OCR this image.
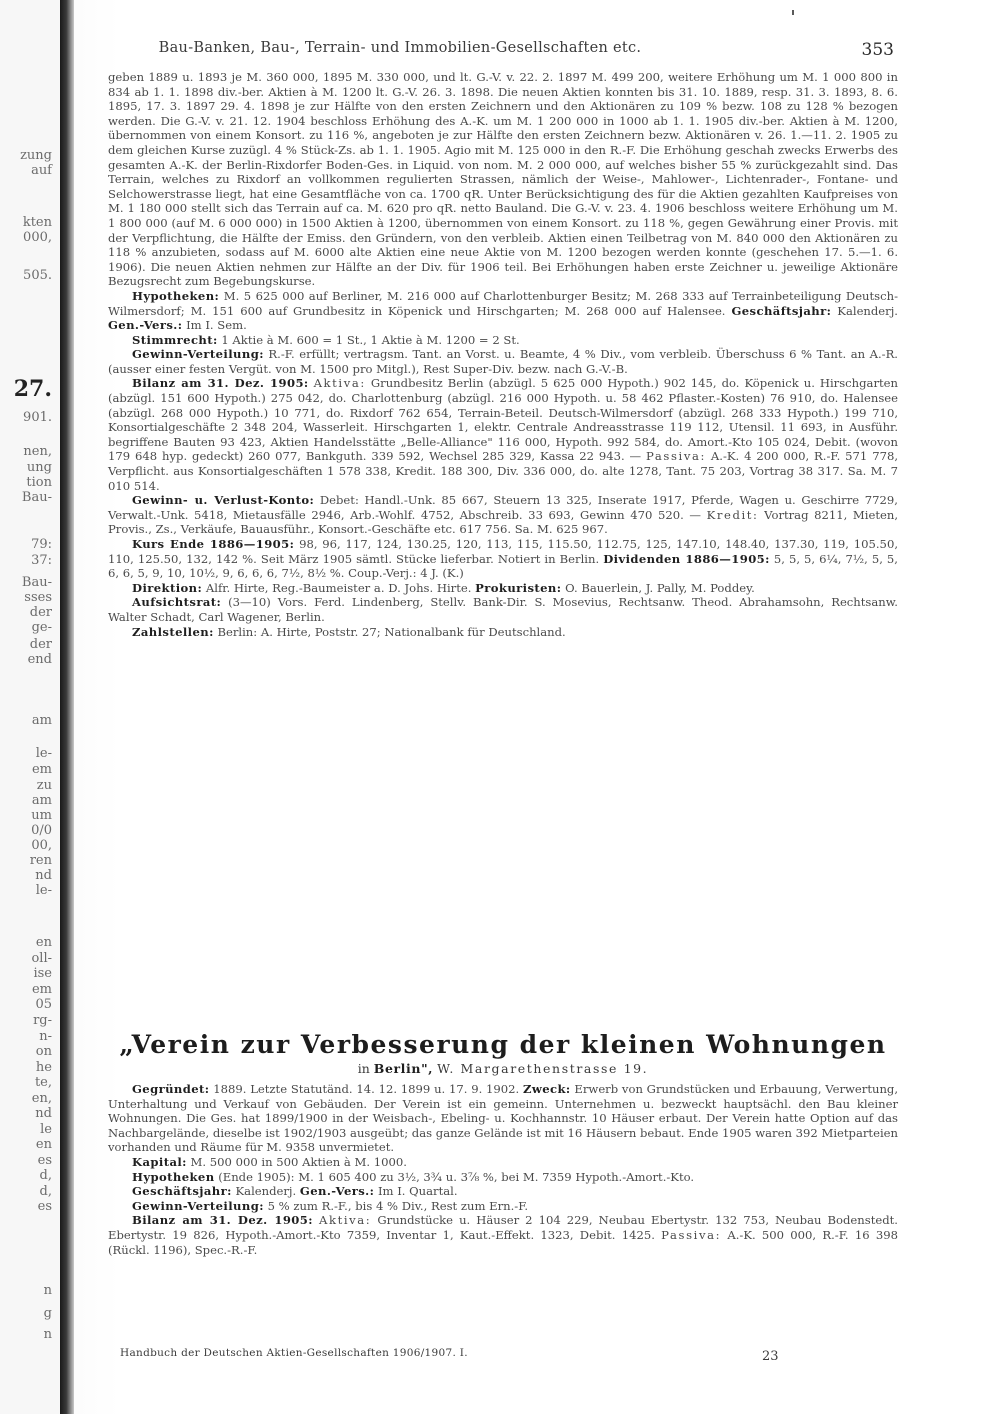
zung
auf
kten
000,
505.
27.
901.
nen,
ung
tion
Bau-
79:
37:
Bau-
sses
der
ge-
der
end
am
le-
em
zu
am
um
0/0
00,
ren
nd
le-
en
oll-
ise
em
05
rg-
n-
on
he
te,
en,
nd
le
en
es
d,
d,
es
n
g
n
Bau-Banken, Bau-, Terrain- und Immobilien-Gesellschaften etc.	353

geben 1889 u. 1893 je M. 360 000, 1895 M. 330 000, und lt. G.-V. v. 22. 2. 1897 M. 499 200, weitere Erhöhung um M. 1 000 800 in 834 ab 1. 1. 1898 div.-ber. Aktien à M. 1200 lt. G.-V. 26. 3. 1898. Die neuen Aktien konnten bis 31. 10. 1889, resp. 31. 3. 1893, 8. 6. 1895, 17. 3. 1897 29. 4. 1898 je zur Hälfte von den ersten Zeichnern und den Aktionären zu 109 % bezw. 108 zu 128 % bezogen werden. Die G.-V. v. 21. 12. 1904 beschloss Erhöhung des A.-K. um M. 1 200 000 in 1000 ab 1. 1. 1905 div.-ber. Aktien à M. 1200, übernommen von einem Konsort. zu 116 %, angeboten je zur Hälfte den ersten Zeichnern bezw. Aktionären v. 26. 1.—11. 2. 1905 zu dem gleichen Kurse zuzügl. 4 % Stück-Zs. ab 1. 1. 1905. Agio mit M. 125 000 in den R.-F. Die Erhöhung geschah zwecks Erwerbs des gesamten A.-K. der Berlin-Rixdorfer Boden-Ges. in Liquid. von nom. M. 2 000 000, auf welches bisher 55 % zurückgezahlt sind. Das Terrain, welches zu Rixdorf an vollkommen regulierten Strassen, nämlich der Weise-, Mahlower-, Lichtenrader-, Fontane- und Selchowerstrasse liegt, hat eine Gesamtfläche von ca. 1700 qR. Unter Berücksichtigung des für die Aktien gezahlten Kaufpreises von M. 1 180 000 stellt sich das Terrain auf ca. M. 620 pro qR. netto Bauland. Die G.-V. v. 23. 4. 1906 beschloss weitere Erhöhung um M. 1 800 000 (auf M. 6 000 000) in 1500 Aktien à 1200, übernommen von einem Konsort. zu 118 %, gegen Gewährung einer Provis. mit der Verpflichtung, die Hälfte der Emiss. den Gründern, von den verbleib. Aktien einen Teilbetrag von M. 840 000 den Aktionären zu 118 % anzubieten, sodass auf M. 6000 alte Aktien eine neue Aktie von M. 1200 bezogen werden konnte (geschehen 17. 5.—1. 6. 1906). Die neuen Aktien nehmen zur Hälfte an der Div. für 1906 teil. Bei Erhöhungen haben erste Zeichner u. jeweilige Aktionäre Bezugsrecht zum Begebungskurse.

Hypotheken: M. 5 625 000 auf Berliner, M. 216 000 auf Charlottenburger Besitz; M. 268 333 auf Terrainbeteiligung Deutsch-Wilmersdorf; M. 151 600 auf Grundbesitz in Köpenick und Hirschgarten; M. 268 000 auf Halensee. Geschäftsjahr: Kalenderj. Gen.-Vers.: Im I. Sem.

Stimmrecht: 1 Aktie à M. 600 = 1 St., 1 Aktie à M. 1200 = 2 St.

Gewinn-Verteilung: R.-F. erfüllt; vertragsm. Tant. an Vorst. u. Beamte, 4 % Div., vom verbleib. Überschuss 6 % Tant. an A.-R. (ausser einer festen Vergüt. von M. 1500 pro Mitgl.), Rest Super-Div. bezw. nach G.-V.-B.

Bilanz am 31. Dez. 1905: Aktiva: Grundbesitz Berlin (abzügl. 5 625 000 Hypoth.) 902 145, do. Köpenick u. Hirschgarten (abzügl. 151 600 Hypoth.) 275 042, do. Charlottenburg (abzügl. 216 000 Hypoth. u. 58 462 Pflaster.-Kosten) 76 910, do. Halensee (abzügl. 268 000 Hypoth.) 10 771, do. Rixdorf 762 654, Terrain-Beteil. Deutsch-Wilmersdorf (abzügl. 268 333 Hypoth.) 199 710, Konsortialgeschäfte 2 348 204, Wasserleit. Hirschgarten 1, elektr. Centrale Andreasstrasse 119 112, Utensil. 11 693, in Ausführ. begriffene Bauten 93 423, Aktien Handelsstätte „Belle-Alliance" 116 000, Hypoth. 992 584, do. Amort.-Kto 105 024, Debit. (wovon 179 648 hyp. gedeckt) 260 077, Bankguth. 339 592, Wechsel 285 329, Kassa 22 943. — Passiva: A.-K. 4 200 000, R.-F. 571 778, Verpflicht. aus Konsortialgeschäften 1 578 338, Kredit. 188 300, Div. 336 000, do. alte 1278, Tant. 75 203, Vortrag 38 317. Sa. M. 7 010 514.

Gewinn- u. Verlust-Konto: Debet: Handl.-Unk. 85 667, Steuern 13 325, Inserate 1917, Pferde, Wagen u. Geschirre 7729, Verwalt.-Unk. 5418, Mietausfälle 2946, Arb.-Wohlf. 4752, Abschreib. 33 693, Gewinn 470 520. — Kredit: Vortrag 8211, Mieten, Provis., Zs., Verkäufe, Bauausführ., Konsort.-Geschäfte etc. 617 756. Sa. M. 625 967.

Kurs Ende 1886—1905: 98, 96, 117, 124, 130.25, 120, 113, 115, 115.50, 112.75, 125, 147.10, 148.40, 137.30, 119, 105.50, 110, 125.50, 132, 142 %. Seit März 1905 sämtl. Stücke lieferbar. Notiert in Berlin. Dividenden 1886—1905: 5, 5, 5, 6¼, 7½, 5, 5, 6, 6, 5, 9, 10, 10½, 9, 6, 6, 6, 7½, 8½ %. Coup.-Verj.: 4 J. (K.)

Direktion: Alfr. Hirte, Reg.-Baumeister a. D. Johs. Hirte. Prokuristen: O. Bauerlein, J. Pally, M. Poddey.

Aufsichtsrat: (3—10) Vors. Ferd. Lindenberg, Stellv. Bank-Dir. S. Mosevius, Rechtsanw. Theod. Abrahamsohn, Rechtsanw. Walter Schadt, Carl Wagener, Berlin.

Zahlstellen: Berlin: A. Hirte, Poststr. 27; Nationalbank für Deutschland.

„Verein zur Verbesserung der kleinen Wohnungen

in Berlin", W. Margarethenstrasse 19.

Gegründet: 1889. Letzte Statutänd. 14. 12. 1899 u. 17. 9. 1902. Zweck: Erwerb von Grundstücken und Erbauung, Verwertung, Unterhaltung und Verkauf von Gebäuden. Der Verein ist ein gemeinn. Unternehmen u. bezweckt hauptsächl. den Bau kleiner Wohnungen. Die Ges. hat 1899/1900 in der Weisbach-, Ebeling- u. Kochhannstr. 10 Häuser erbaut. Der Verein hatte Option auf das Nachbargelände, dieselbe ist 1902/1903 ausgeübt; das ganze Gelände ist mit 16 Häusern bebaut. Ende 1905 waren 392 Mietparteien vorhanden und Räume für M. 9358 unvermietet.

Kapital: M. 500 000 in 500 Aktien à M. 1000.

Hypotheken (Ende 1905): M. 1 605 400 zu 3½, 3¾ u. 3⅞ %, bei M. 7359 Hypoth.-Amort.-Kto.

Geschäftsjahr: Kalenderj. Gen.-Vers.: Im I. Quartal.

Gewinn-Verteilung: 5 % zum R.-F., bis 4 % Div., Rest zum Ern.-F.

Bilanz am 31. Dez. 1905: Aktiva: Grundstücke u. Häuser 2 104 229, Neubau Ebertystr. 132 753, Neubau Bodenstedt. Ebertystr. 19 826, Hypoth.-Amort.-Kto 7359, Inventar 1, Kaut.-Effekt. 1323, Debit. 1425. Passiva: A.-K. 500 000, R.-F. 16 398 (Rückl. 1196), Spec.-R.-F.

Handbuch der Deutschen Aktien-Gesellschaften 1906/1907. I.	23
